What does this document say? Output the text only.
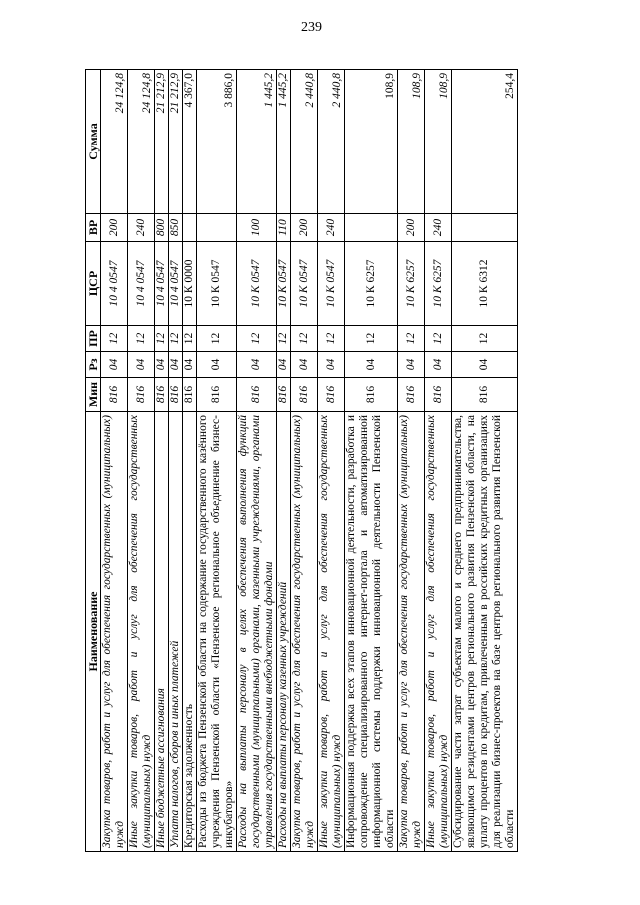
239
Наименование	Мин	Рз	ПР	ЦСР	ВР	Сумма
Закупка товаров, работ и услуг для обеспечения государственных (муниципальных) нужд	816	04	12	10 4 0547	200	24 124,8
Иные закупки товаров, работ и услуг для обеспечения государственных (муниципальных) нужд	816	04	12	10 4 0547	240	24 124,8
Иные бюджетные ассигнования	816	04	12	10 4 0547	800	21 212,9
Уплата налогов, сборов и иных платежей	816	04	12	10 4 0547	850	21 212,9
Кредиторская задолженность	816	04	12	10 К 0000		4 367,0
Расходы из бюджета Пензенской области на содержание государственного казённого учреждения Пензенской области «Пензенское региональное объединение бизнес-инкубаторов»	816	04	12	10 К 0547		3 886,0
Расходы на выплаты персоналу в целях обеспечения выполнения функций государственными (муниципальными) органами, казенными учреждениями, органами управления государственными внебюджетными фондами	816	04	12	10 К 0547	100	1 445,2
Расходы на выплаты персоналу казенных учреждений	816	04	12	10 К 0547	110	1 445,2
Закупка товаров, работ и услуг для обеспечения государственных (муниципальных) нужд	816	04	12	10 К 0547	200	2 440,8
Иные закупки товаров, работ и услуг для обеспечения государственных (муниципальных) нужд	816	04	12	10 К 0547	240	2 440,8
Информационная поддержка всех этапов инновационной деятельности, разработка и сопровождение специализированного интернет-портала и автоматизированной информационной системы поддержки инновационной деятельности Пензенской области	816	04	12	10 К 6257		108,9
Закупка товаров, работ и услуг для обеспечения государственных (муниципальных) нужд	816	04	12	10 К 6257	200	108,9
Иные закупки товаров, работ и услуг для обеспечения государственных (муниципальных) нужд	816	04	12	10 К 6257	240	108,9
Субсидирование части затрат субъектам малого и среднего предпринимательства, являющимся резидентами центров регионального развития Пензенской области, на уплату процентов по кредитам, привлеченным в российских кредитных организациях для реализации бизнес-проектов на базе центров регионального развития Пензенской области	816	04	12	10 К 6312		254,4
